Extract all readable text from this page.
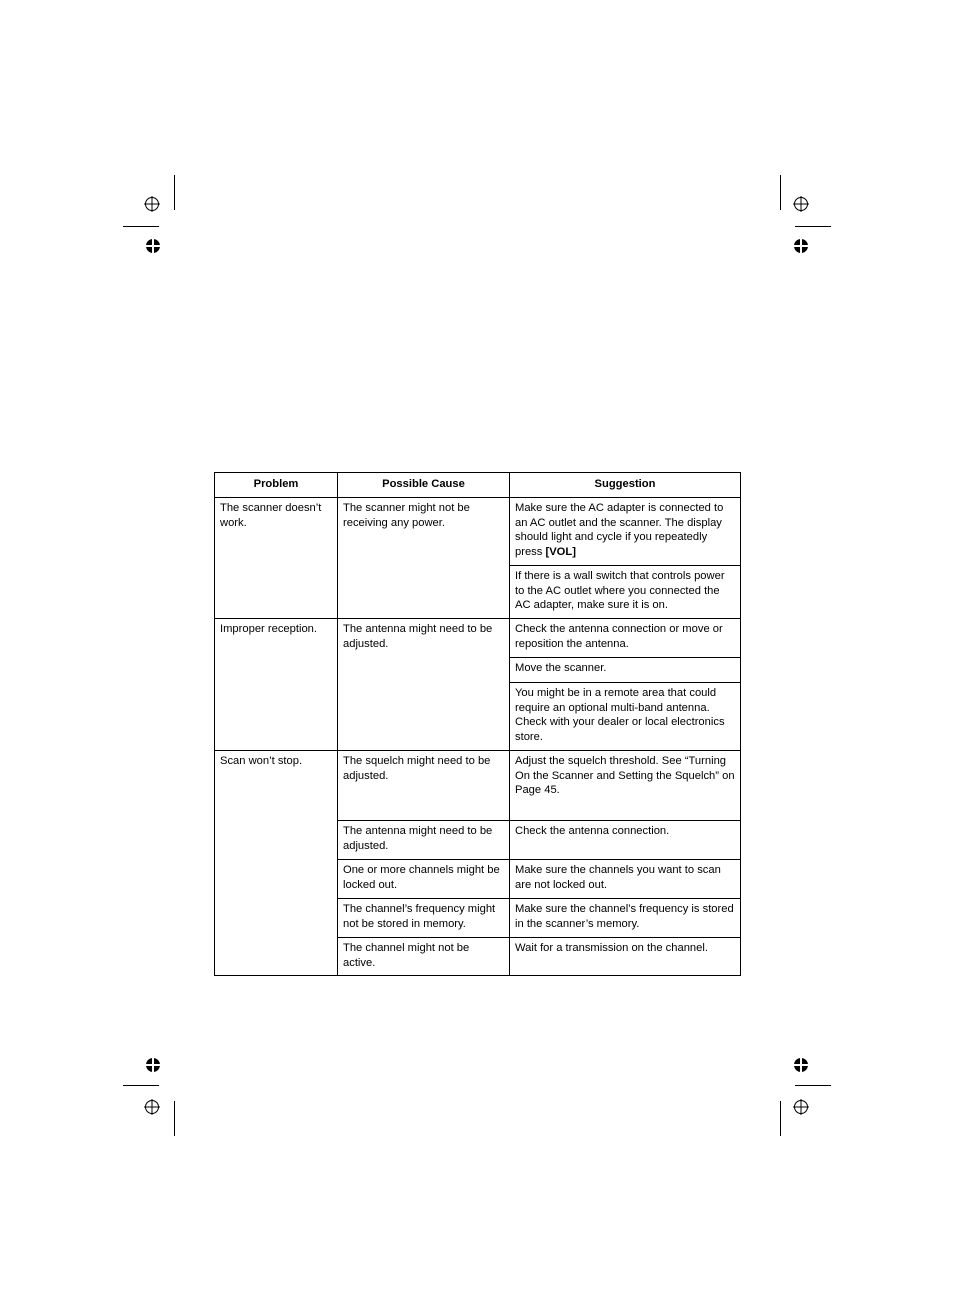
Problem	Possible Cause	Suggestion
The scanner doesn’t work.	The scanner might not be receiving any power.	Make sure the AC adapter is connected to an AC outlet and the scanner. The display should light and cycle if you repeatedly press [VOL]
		If there is a wall switch that controls power to the AC outlet where you connected the AC adapter, make sure it is on.
Improper reception.	The antenna might need to be adjusted.	Check the antenna connection or move or reposition the antenna.
		Move the scanner.
		You might be in a remote area that could require an optional multi-band antenna. Check with your dealer or local electronics store.
Scan won’t stop.	The squelch might need to be adjusted.	Adjust the squelch threshold. See “Turning On the Scanner and Setting the Squelch” on Page 45.
	The antenna might need to be adjusted.	Check the antenna connection.
	One or more channels might be locked out.	Make sure the channels you want to scan are not locked out.
	The channel’s frequency might not be stored in memory.	Make sure the channel’s frequency is stored in the scanner’s memory.
	The channel might not be active.	Wait for a transmission on the channel.
